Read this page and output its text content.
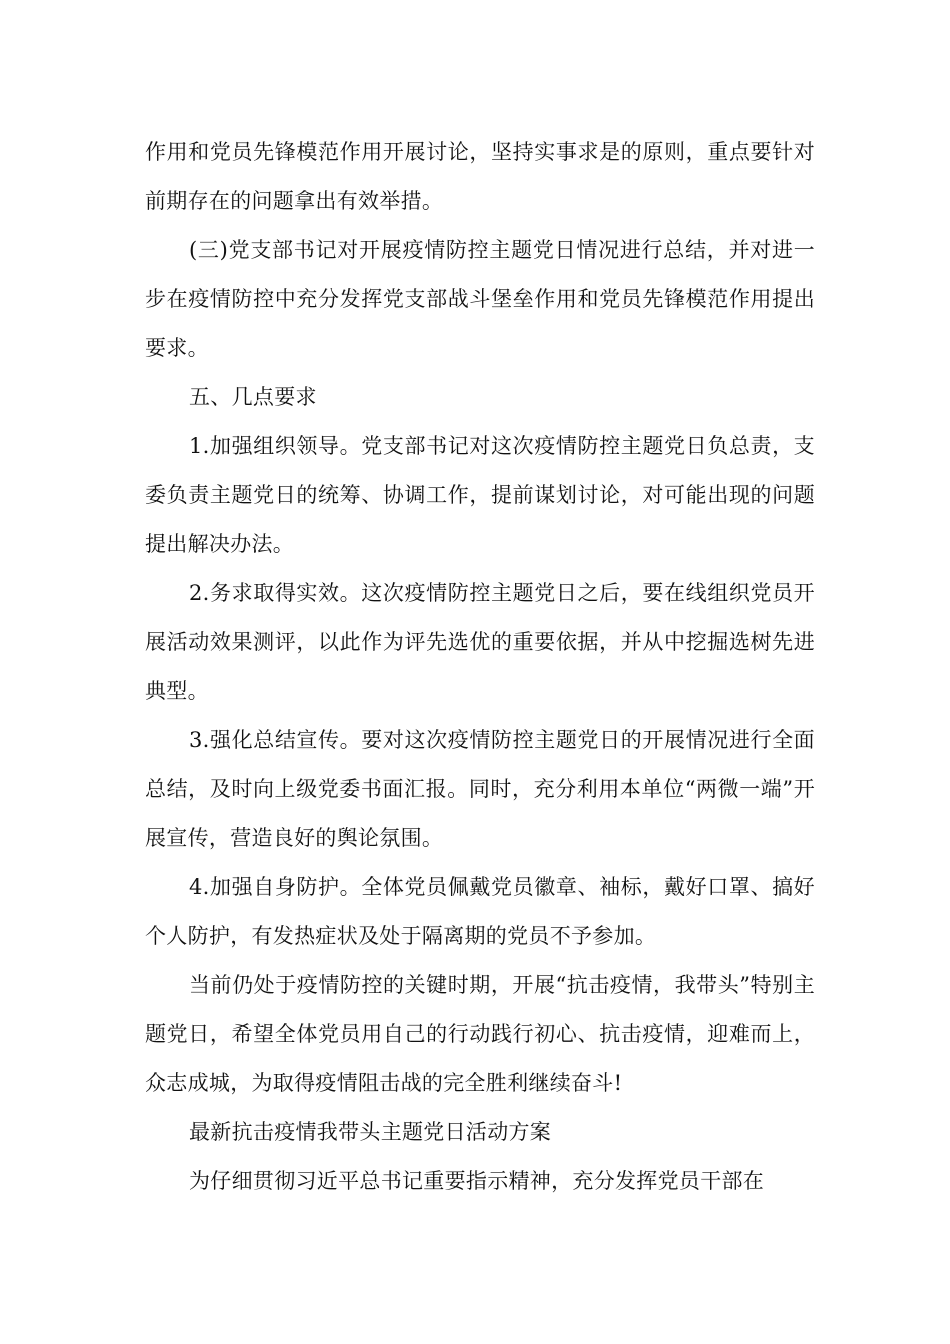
作用和党员先锋模范作用开展讨论，坚持实事求是的原则，重点要针对前期存在的问题拿出有效举措。

(三)党支部书记对开展疫情防控主题党日情况进行总结，并对进一步在疫情防控中充分发挥党支部战斗堡垒作用和党员先锋模范作用提出要求。

五、几点要求

1.加强组织领导。党支部书记对这次疫情防控主题党日负总责，支委负责主题党日的统筹、协调工作，提前谋划讨论，对可能出现的问题提出解决办法。

2.务求取得实效。这次疫情防控主题党日之后，要在线组织党员开展活动效果测评，以此作为评先选优的重要依据，并从中挖掘选树先进典型。

3.强化总结宣传。要对这次疫情防控主题党日的开展情况进行全面总结，及时向上级党委书面汇报。同时，充分利用本单位“两微一端”开展宣传，营造良好的舆论氛围。

4.加强自身防护。全体党员佩戴党员徽章、袖标，戴好口罩、搞好个人防护，有发热症状及处于隔离期的党员不予参加。

当前仍处于疫情防控的关键时期，开展“抗击疫情，我带头”特别主题党日，希望全体党员用自己的行动践行初心、抗击疫情，迎难而上，众志成城，为取得疫情阻击战的完全胜利继续奋斗!

最新抗击疫情我带头主题党日活动方案

为仔细贯彻习近平总书记重要指示精神，充分发挥党员干部在
